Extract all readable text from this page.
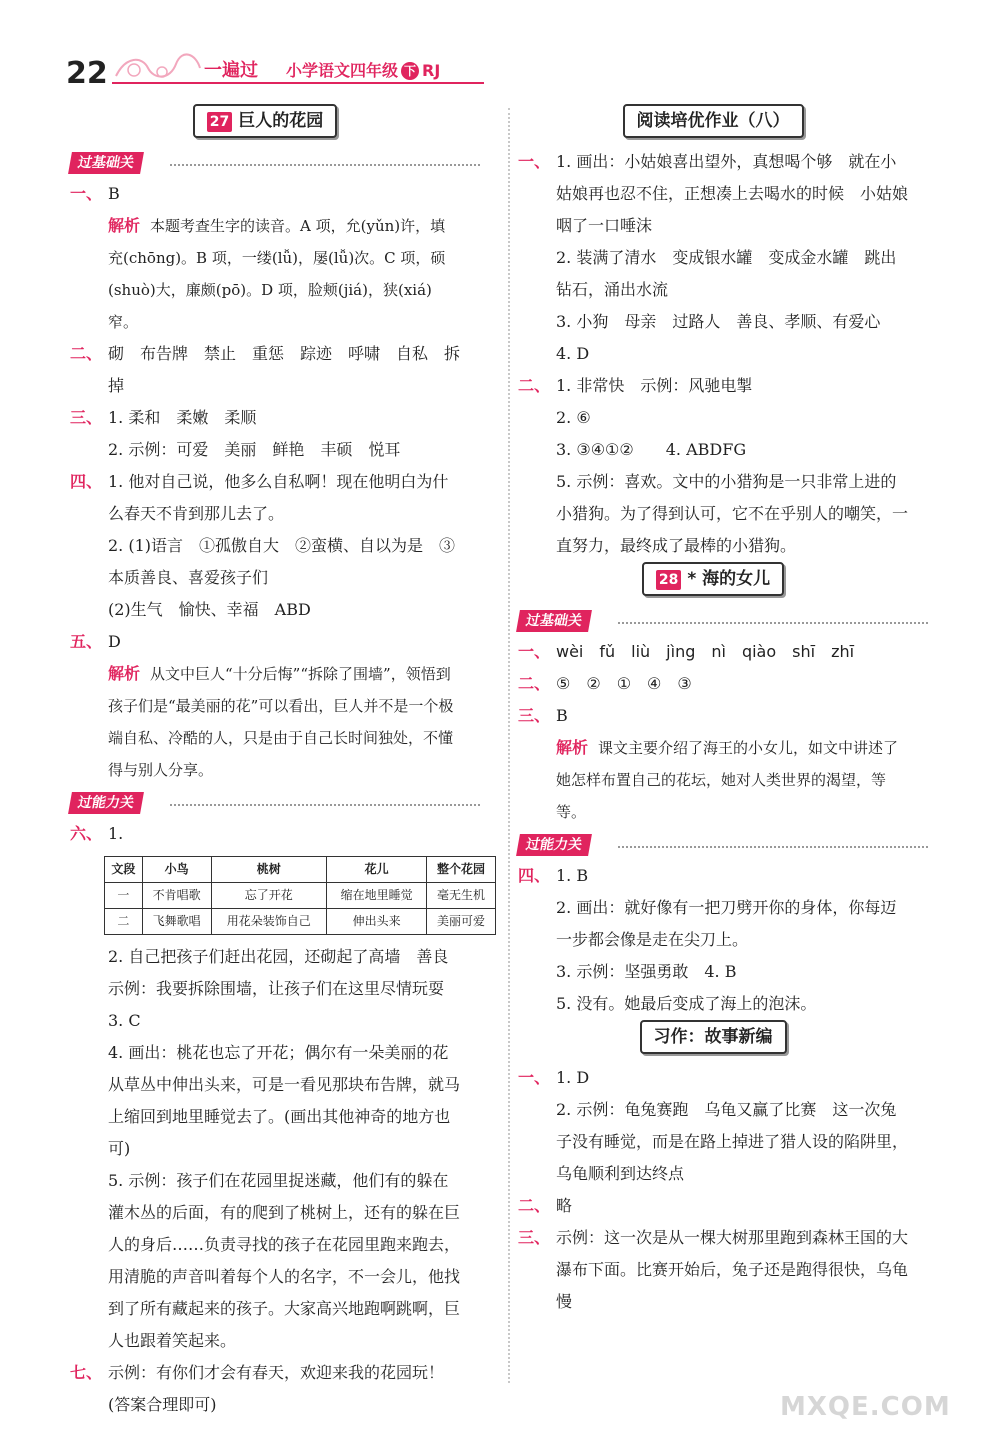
22	一遍过 小学语文四年级 下 RJ
27 巨人的花园
过基础关
一、 B
解析 本题考查生字的读音。A 项，允(yǔn)许，填充(chōng)。B 项，一缕(lǚ)，屡(lǚ)次。C 项，硕(shuò)大，廉颇(pō)。D 项，脸颊(jiá)，狭(xiá)窄。
二、 砌　布告牌　禁止　重惩　踪迹　呼啸　自私　拆掉
三、 1. 柔和　柔嫩　柔顺
2. 示例：可爱　美丽　鲜艳　丰硕　悦耳
四、 1. 他对自己说，他多么自私啊！现在他明白为什么春天不肯到那儿去了。
2. (1)语言　①孤傲自大　②蛮横、自以为是　③本质善良、喜爱孩子们
(2)生气　愉快、幸福　ABD
五、 D
解析 从文中巨人“十分后悔”“拆除了围墙”，领悟到孩子们是“最美丽的花”可以看出，巨人并不是一个极端自私、冷酷的人，只是由于自己长时间独处，不懂得与别人分享。
过能力关
六、 1.
文段	小鸟	桃树	花儿	整个花园
一	不肯唱歌	忘了开花	缩在地里睡觉	毫无生机
二	飞舞歌唱	用花朵装饰自己	伸出头来	美丽可爱
2. 自己把孩子们赶出花园，还砌起了高墙　善良　示例：我要拆除围墙，让孩子们在这里尽情玩耍
3. C
4. 画出：桃花也忘了开花；偶尔有一朵美丽的花从草丛中伸出头来，可是一看见那块布告牌，就马上缩回到地里睡觉去了。(画出其他神奇的地方也可)
5. 示例：孩子们在花园里捉迷藏，他们有的躲在灌木丛的后面，有的爬到了桃树上，还有的躲在巨人的身后……负责寻找的孩子在花园里跑来跑去，用清脆的声音叫着每个人的名字，不一会儿，他找到了所有藏起来的孩子。大家高兴地跑啊跳啊，巨人也跟着笑起来。
七、 示例：有你们才会有春天，欢迎来我的花园玩！(答案合理即可)
阅读培优作业（八）
一、 1. 画出：小姑娘喜出望外，真想喝个够　就在小姑娘再也忍不住，正想凑上去喝水的时候　小姑娘咽了一口唾沫
2. 装满了清水　变成银水罐　变成金水罐　跳出钻石，涌出水流
3. 小狗　母亲　过路人　善良、孝顺、有爱心
4. D
二、 1. 非常快　示例：风驰电掣
2. ⑥
3. ③④①②　　4. ABDFG
5. 示例：喜欢。文中的小猎狗是一只非常上进的小猎狗。为了得到认可，它不在乎别人的嘲笑，一直努力，最终成了最棒的小猎狗。
28 * 海的女儿
过基础关
一、 wèi　fǔ　liù　jìng　nì　qiào　shī　zhī
二、 ⑤　②　①　④　③
三、 B
解析 课文主要介绍了海王的小女儿，如文中讲述了她怎样布置自己的花坛，她对人类世界的渴望，等等。
过能力关
四、 1. B
2. 画出：就好像有一把刀劈开你的身体，你每迈一步都会像是走在尖刀上。
3. 示例：坚强勇敢　4. B
5. 没有。她最后变成了海上的泡沫。
习作：故事新编
一、 1. D
2. 示例：龟兔赛跑　乌龟又赢了比赛　这一次兔子没有睡觉，而是在路上掉进了猎人设的陷阱里，乌龟顺利到达终点
二、 略
三、 示例：这一次是从一棵大树那里跑到森林王国的大瀑布下面。比赛开始后，兔子还是跑得很快，乌龟慢
MXQE.COM
